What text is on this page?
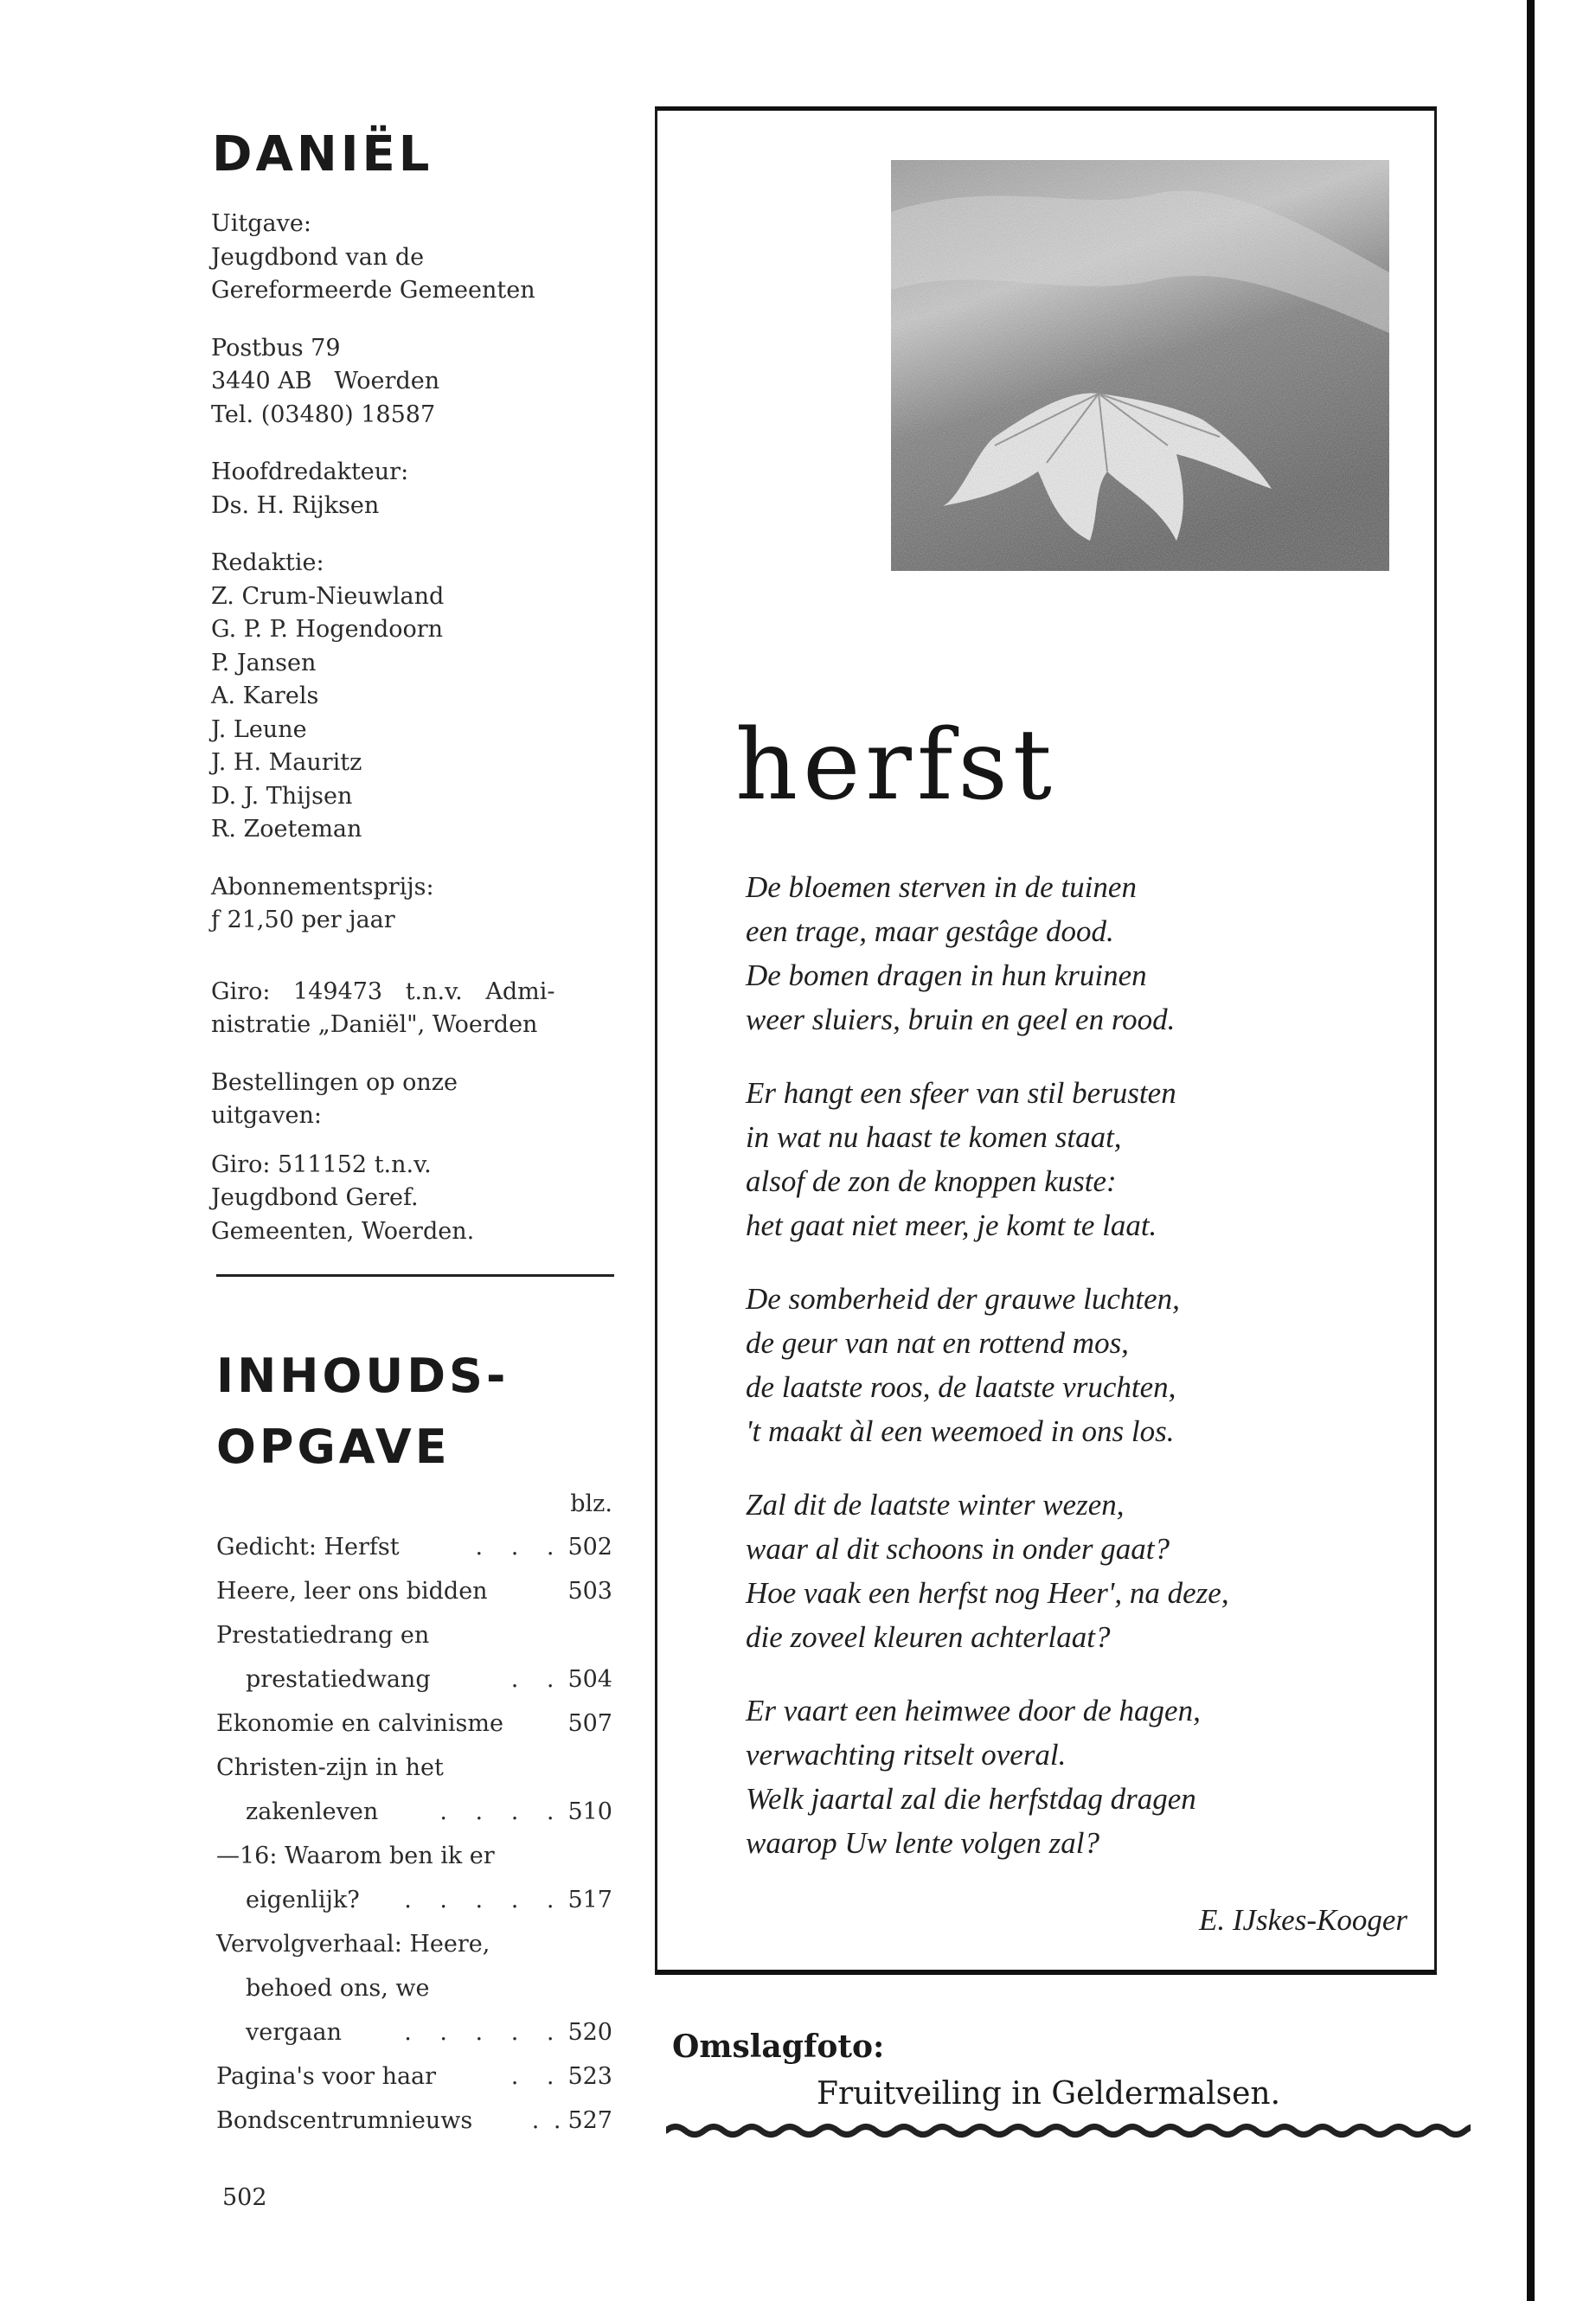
DANIËL
Uitgave:
Jeugdbond van de
Gereformeerde Gemeenten
Postbus 79
3440 AB   Woerden
Tel. (03480) 18587
Hoofdredakteur:
Ds. H. Rijksen
Redaktie:
Z. Crum-Nieuwland
G. P. P. Hogendoorn
P. Jansen
A. Karels
J. Leune
J. H. Mauritz
D. J. Thijsen
R. Zoeteman
Abonnementsprijs:
ƒ 21,50 per jaar
Giro: 149473 t.n.v. Admi-
nistratie „Daniël", Woerden
Bestellingen op onze
uitgaven:
Giro: 511152 t.n.v.
Jeugdbond Geref.
Gemeenten, Woerden.
INHOUDS-
OPGAVE
blz.
Gedicht: Herfst	. . . 502
Heere, leer ons bidden	503
Prestatiedrang en
prestatiedwang	. . 504
Ekonomie en calvinisme	507
Christen-zijn in het
zakenleven	. . . . 510
—16: Waarom ben ik er
eigenlijk?	. . . . . 517
Vervolgverhaal: Heere,
behoed ons, we
vergaan	. . . . . 520
Pagina's voor haar	. . 523
Bondscentrumnieuws	. . 527
502
herfst
De bloemen sterven in de tuinen
een trage, maar gestâge dood.
De bomen dragen in hun kruinen
weer sluiers, bruin en geel en rood.
Er hangt een sfeer van stil berusten
in wat nu haast te komen staat,
alsof de zon de knoppen kuste:
het gaat niet meer, je komt te laat.
De somberheid der grauwe luchten,
de geur van nat en rottend mos,
de laatste roos, de laatste vruchten,
't maakt àl een weemoed in ons los.
Zal dit de laatste winter wezen,
waar al dit schoons in onder gaat?
Hoe vaak een herfst nog Heer', na deze,
die zoveel kleuren achterlaat?
Er vaart een heimwee door de hagen,
verwachting ritselt overal.
Welk jaartal zal die herfstdag dragen
waarop Uw lente volgen zal?
E. IJskes-Kooger
Omslagfoto:
Fruitveiling in Geldermalsen.
